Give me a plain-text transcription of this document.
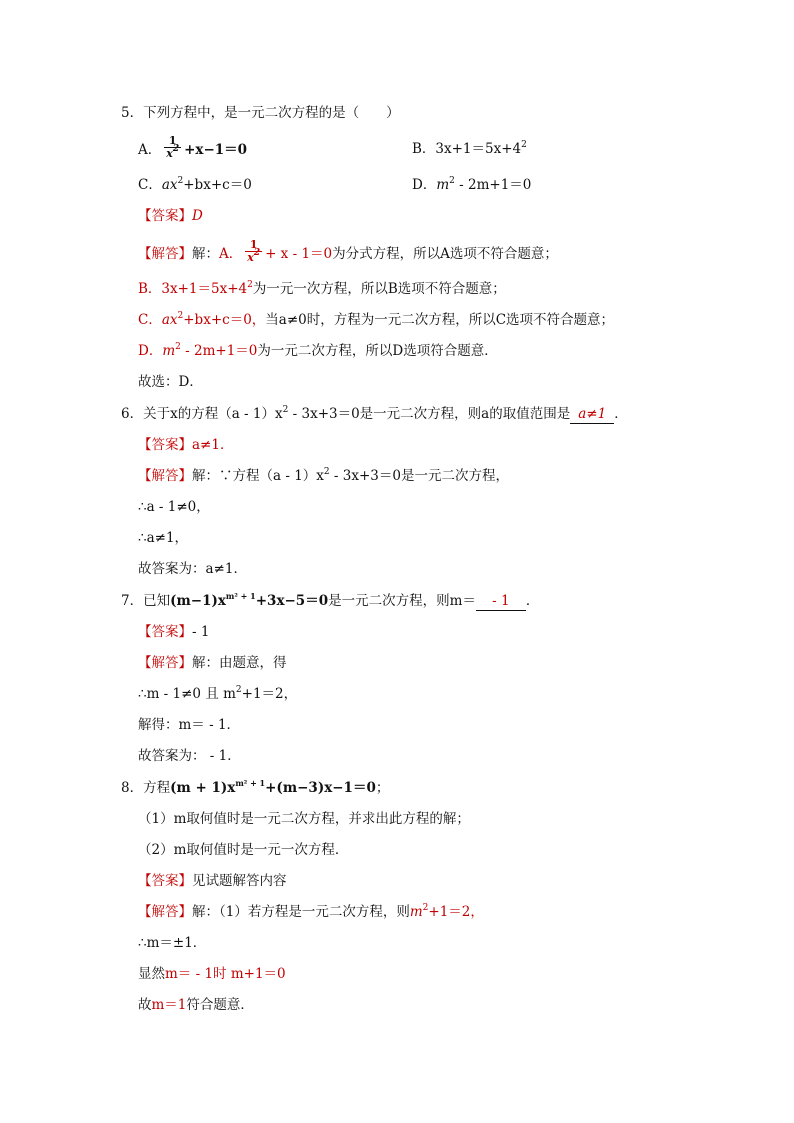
5．下列方程中，是一元二次方程的是（　　）
A． $\frac{1}{x^2} +x-1=0$	B．$3x+1=5x+4^2$
C．$ax^2+bx+c=0$	D．$m^2 - 2m+1=0$
【答案】D
【解答】解：A． $\frac{1}{x^2} + x - 1=0$为分式方程，所以A选项不符合题意；
B．$3x+1=5x+4^2$为一元一次方程，所以B选项不符合题意；
C．$ax^2+bx+c=0$，当a≠0时，方程为一元二次方程，所以C选项不符合题意；
D．$m^2 - 2m+1=0$为一元二次方程，所以D选项符合题意．
故选：D．
6．关于x的方程$(a - 1)x^2 - 3x+3=0$是一元二次方程，则a的取值范围是 a≠1 ．
【答案】a≠1．
【解答】解：∵方程$(a - 1)x^2 - 3x+3=0$是一元二次方程，
∴a - 1≠0，
∴a≠1，
故答案为：a≠1．
7．已知$(m-1)x^{m^2 + 1}+3x-5=0$是一元二次方程，则m＝ - 1 ．
【答案】- 1
【解答】解：由题意，得
∴m - 1≠0 且 $m^2+1=2$，
解得：m＝ - 1．
故答案为： - 1．
8．方程$(m + 1)x^{m^2 + 1}+(m-3)x-1=0$；
（1）m取何值时是一元二次方程，并求出此方程的解；
（2）m取何值时是一元一次方程．
【答案】见试题解答内容
【解答】解：（1）若方程是一元二次方程，则$m^2+1=2$，
∴m＝±1．
显然m＝ - 1时 m+1＝0
故m＝1符合题意．
